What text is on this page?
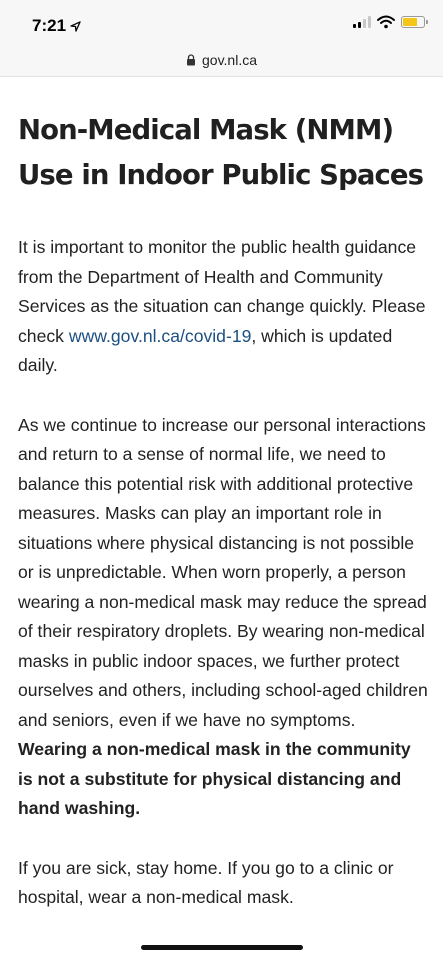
7:21
gov.nl.ca
Non-Medical Mask (NMM) Use in Indoor Public Spaces

It is important to monitor the public health guidance from the Department of Health and Community Services as the situation can change quickly. Please check www.gov.nl.ca/covid-19, which is updated daily.

As we continue to increase our personal interactions and return to a sense of normal life, we need to balance this potential risk with additional protective measures. Masks can play an important role in situations where physical distancing is not possible or is unpredictable. When worn properly, a person wearing a non-medical mask may reduce the spread of their respiratory droplets. By wearing non-medical masks in public indoor spaces, we further protect ourselves and others, including school-aged children and seniors, even if we have no symptoms. Wearing a non-medical mask in the community is not a substitute for physical distancing and hand washing.

If you are sick, stay home. If you go to a clinic or hospital, wear a non-medical mask.
